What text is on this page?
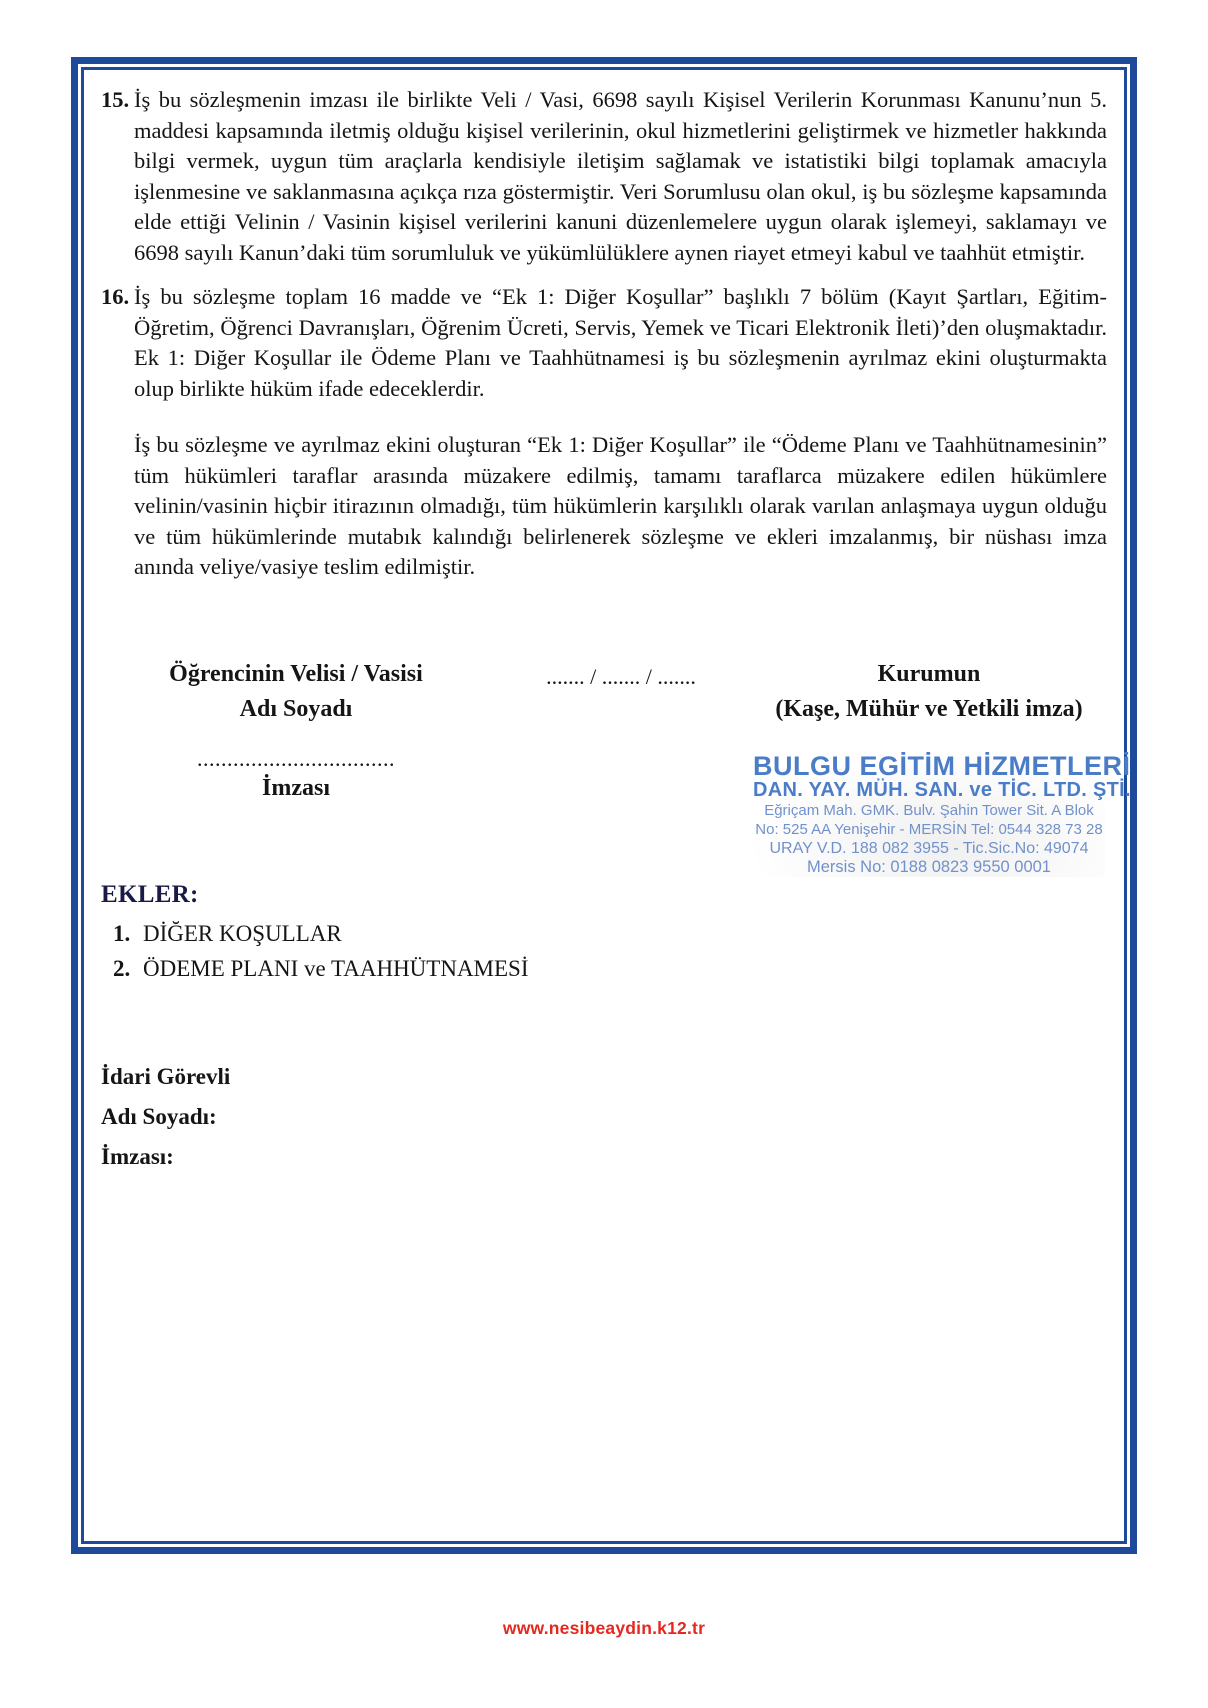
15. İş bu sözleşmenin imzası ile birlikte Veli / Vasi, 6698 sayılı Kişisel Verilerin Korunması Kanunu’nun 5. maddesi kapsamında iletmiş olduğu kişisel verilerinin, okul hizmetlerini geliştirmek ve hizmetler hakkında bilgi vermek, uygun tüm araçlarla kendisiyle iletişim sağlamak ve istatistiki bilgi toplamak amacıyla işlenmesine ve saklanmasına açıkça rıza göstermiştir. Veri Sorumlusu olan okul, iş bu sözleşme kapsamında elde ettiği Velinin / Vasinin kişisel verilerini kanuni düzenlemelere uygun olarak işlemeyi, saklamayı ve 6698 sayılı Kanun’daki tüm sorumluluk ve yükümlülüklere aynen riayet etmeyi kabul ve taahhüt etmiştir.
16. İş bu sözleşme toplam 16 madde ve “Ek 1: Diğer Koşullar” başlıklı 7 bölüm (Kayıt Şartları, Eğitim-Öğretim, Öğrenci Davranışları, Öğrenim Ücreti, Servis, Yemek ve Ticari Elektronik İleti)’den oluşmaktadır. Ek 1: Diğer Koşullar ile Ödeme Planı ve Taahhütnamesi iş bu sözleşmenin ayrılmaz ekini oluşturmakta olup birlikte hüküm ifade edeceklerdir.

İş bu sözleşme ve ayrılmaz ekini oluşturan “Ek 1: Diğer Koşullar” ile “Ödeme Planı ve Taahhütnamesinin” tüm hükümleri taraflar arasında müzakere edilmiş, tamamı taraflarca müzakere edilen hükümlere velinin/vasinin hiçbir itirazının olmadığı, tüm hükümlerin karşılıklı olarak varılan anlaşmaya uygun olduğu ve tüm hükümlerinde mutabık kalındığı belirlenerek sözleşme ve ekleri imzalanmış, bir nüshası imza anında veliye/vasiye teslim edilmiştir.

Öğrencinin Velisi / Vasisi
Adı Soyadı
.................................
İmzası
....... / ....... / .......	Kurumun
(Kaşe, Mühür ve Yetkili imza)
BULGU EGİTİM HİZMETLERİ
DAN. YAY. MÜH. SAN. ve TİC. LTD. ŞTİ.
Eğriçam Mah. GMK. Bulv. Şahin Tower Sit. A Blok
No: 525 AA Yenişehir - MERSİN Tel: 0544 328 73 28
URAY V.D. 188 082 3955 - Tic.Sic.No: 49074
Mersis No: 0188 0823 9550 0001
EKLER:
1. DİĞER KOŞULLAR
2. ÖDEME PLANI ve TAAHHÜTNAMESİ
İdari Görevli
Adı Soyadı:
İmzası:
www.nesibeaydin.k12.tr
